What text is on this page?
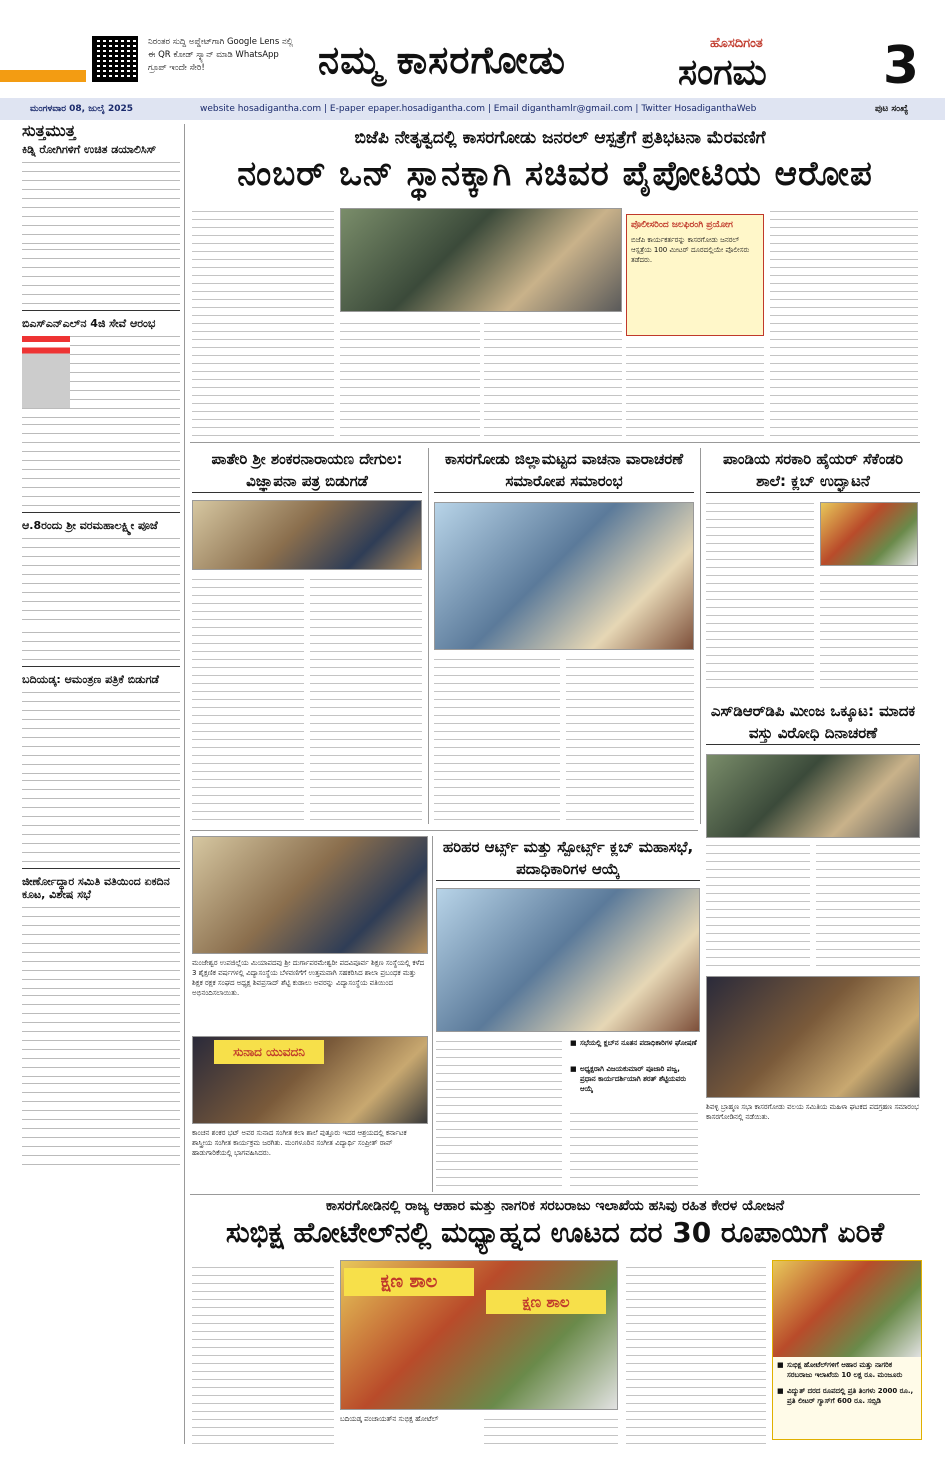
ನಿರಂತರ ಸುದ್ದಿ ಅಪ್ಡೇಟ್‌ಗಾಗಿ Google Lens ನಲ್ಲಿ ಈ QR ಕೋಡ್ ಸ್ಕ್ಯಾನ್ ಮಾಡಿ WhatsApp ಗ್ರೂಪ್ ಇಂದೇ ಸೇರಿ!	ನಮ್ಮ ಕಾಸರಗೋಡು	ಹೊಸದಿಗಂತ
ಸಂಗಮ 3
ಮಂಗಳವಾರ 08, ಜುಲೈ 2025	website hosadigantha.com | E-paper epaper.hosadigantha.com | Email diganthamlr@gmail.com | Twitter HosadiganthaWeb	ಪುಟ ಸಂಖ್ಯೆ
ಸುತ್ತಮುತ್ತ
ಕಿಡ್ನಿ ರೋಗಿಗಳಿಗೆ ಉಚಿತ ಡಯಾಲಿಸಿಸ್
ಬಿಎಸ್‌ಎನ್‌ಎಲ್‌ನ 4ಜಿ ಸೇವೆ ಆರಂಭ
ಆ.8ರಂದು ಶ್ರೀ ವರಮಹಾಲಕ್ಷ್ಮೀ ಪೂಜೆ
ಬದಿಯಡ್ಕ: ಆಮಂತ್ರಣ ಪತ್ರಿಕೆ ಬಿಡುಗಡೆ
ಜೀರ್ಣೋದ್ಧಾರ ಸಮಿತಿ ವತಿಯಿಂದ ಏಕದಿನ ಕೂಟ, ವಿಶೇಷ ಸಭೆ
ಬಿಜೆಪಿ ನೇತೃತ್ವದಲ್ಲಿ ಕಾಸರಗೋಡು ಜನರಲ್ ಆಸ್ಪತ್ರೆಗೆ ಪ್ರತಿಭಟನಾ ಮೆರವಣಿಗೆ
ನಂಬರ್ ಒನ್ ಸ್ಥಾನಕ್ಕಾಗಿ ಸಚಿವರ ಪೈಪೋಟಿಯ ಆರೋಪ
ಪೊಲೀಸರಿಂದ ಜಲಫಿರಂಗಿ ಪ್ರಯೋಗ
ಬಿಜೆಪಿ ಕಾರ್ಯಕರ್ತರನ್ನು ಕಾಸರಗೋಡು ಜನರಲ್ ಆಸ್ಪತ್ರೆಯ 100 ಮೀಟರ್ ದೂರದಲ್ಲಿಯೇ ಪೊಲೀಸರು ತಡೆದರು.
ಪಾತೇರಿ ಶ್ರೀ ಶಂಕರನಾರಾಯಣ ದೇಗುಲ: ವಿಜ್ಞಾಪನಾ ಪತ್ರ ಬಿಡುಗಡೆ
ಕಾಸರಗೋಡು ಜಿಲ್ಲಾಮಟ್ಟದ ವಾಚನಾ ವಾರಾಚರಣೆ ಸಮಾರೋಪ ಸಮಾರಂಭ
ಪಾಂಡಿಯ ಸರಕಾರಿ ಹೈಯರ್ ಸೆಕೆಂಡರಿ ಶಾಲೆ: ಕ್ಲಬ್ ಉದ್ಘಾಟನೆ
ಎಸ್‌ಡಿಆರ್‌ಡಿಪಿ ಮೀಂಜ ಒಕ್ಕೂಟ: ಮಾದಕ ವಸ್ತು ವಿರೋಧಿ ದಿನಾಚರಣೆ
ಶಿವಳ್ಳಿ ಬ್ರಾಹ್ಮಣ ಸಭಾ ಕಾಸರಗೋಡು ವಲಯ ಸಮಿತಿಯ ಮಹಿಳಾ ಘಟಕದ ಪದಗ್ರಹಣ ಸಮಾರಂಭ ಕಾಸರಗೋಡಿನಲ್ಲಿ ನಡೆಯಿತು.
ಮಂಜೇಶ್ವರ ಉಪಜಿಲ್ಲೆಯ ಮಿಯಾಪದವು ಶ್ರೀ ದುರ್ಗಾಪರಮೇಶ್ವರೀ ಪದವಿಪೂರ್ವ ಶಿಕ್ಷಣ ಸಂಸ್ಥೆಯಲ್ಲಿ ಕಳೆದ 3 ಶೈಕ್ಷಣಿಕ ವರ್ಷಗಳಲ್ಲಿ ವಿದ್ಯಾಸಂಸ್ಥೆಯ ಬೆಳವಣಿಗೆಗೆ ಉತ್ತಮವಾಗಿ ಸಹಕರಿಸಿದ ಶಾಲಾ ಪ್ರಬಂಧಕ ಮತ್ತು ಶಿಕ್ಷಕ ರಕ್ಷಕ ಸಂಘದ ಅಧ್ಯಕ್ಷ ಶಿವಪ್ರಸಾದ್ ಶೆಟ್ಟಿ ಕುಡಾಲು ಅವರನ್ನು ವಿದ್ಯಾಸಂಸ್ಥೆಯ ವತಿಯಿಂದ ಅಭಿನಂದಿಸಲಾಯಿತು.
ಸುನಾದ ಯುವದನಿ
ಕಾಂಚನ ಶಂಕರ ಭಟ್ ಅವರ ಸುನಾದ ಸಂಗೀತ ಕಲಾ ಶಾಲೆ ಪುತ್ತೂರು ಇದರ ಆಶ್ರಯದಲ್ಲಿ ಕರ್ನಾಟಕ ಶಾಸ್ತ್ರೀಯ ಸಂಗೀತ ಕಾರ್ಯಕ್ರಮ ಜರಗಿತು. ಮಂಗಳೂರಿನ ಸಂಗೀತ ವಿದ್ಯಾರ್ಥಿ ಸಂಪ್ರೀತ್ ರಾವ್ ಹಾಡುಗಾರಿಕೆಯಲ್ಲಿ ಭಾಗವಹಿಸಿದರು.
ಹರಿಹರ ಆರ್ಟ್ಸ್ ಮತ್ತು ಸ್ಪೋರ್ಟ್ಸ್ ಕ್ಲಬ್ ಮಹಾಸಭೆ, ಪದಾಧಿಕಾರಿಗಳ ಆಯ್ಕೆ
■ ಸಭೆಯಲ್ಲಿ ಕ್ಲಬ್‌ನ ನೂತನ ಪದಾಧಿಕಾರಿಗಳ ಘೋಷಣೆ
■ ಅಧ್ಯಕ್ಷರಾಗಿ ವಿಜಯಕುಮಾರ್ ಪೂಜಾರಿ ಪಜ್ವ, ಪ್ರಧಾನ ಕಾರ್ಯದರ್ಶಿಯಾಗಿ ಶರತ್ ಶೆಟ್ಟಿಯವರು ಆಯ್ಕೆ
ಕಾಸರಗೋಡಿನಲ್ಲಿ ರಾಜ್ಯ ಆಹಾರ ಮತ್ತು ನಾಗರಿಕ ಸರಬರಾಜು ಇಲಾಖೆಯ ಹಸಿವು ರಹಿತ ಕೇರಳ ಯೋಜನೆ
ಸುಭಿಕ್ಷ ಹೋಟೇಲ್‌ನಲ್ಲಿ ಮಧ್ಯಾಹ್ನದ ಊಟದ ದರ 30 ರೂಪಾಯಿಗೆ ಏರಿಕೆ
ಕ್ಷಣ ಶಾಲ
ಕ್ಷಣ ಶಾಲ
ಬದಿಯಡ್ಕ ಪಂಚಾಯತ್‌ನ ಸುಭಿಕ್ಷ ಹೋಟೆಲ್
■ ಸುಭಿಕ್ಷ ಹೋಟೆಲ್‌ಗಳಿಗೆ ಆಹಾರ ಮತ್ತು ನಾಗರಿಕ ಸರಬರಾಜು ಇಲಾಖೆಯ 10 ಲಕ್ಷ ರೂ. ಮಂಜೂರು
■ ವಿದ್ಯುತ್ ದರದ ರೂಪದಲ್ಲಿ ಪ್ರತಿ ತಿಂಗಳು 2000 ರೂ., ಪ್ರತಿ ಲೀಟರ್ ಗ್ಯಾಸ್‌ಗೆ 600 ರೂ. ಸಬ್ಸಿಡಿ
